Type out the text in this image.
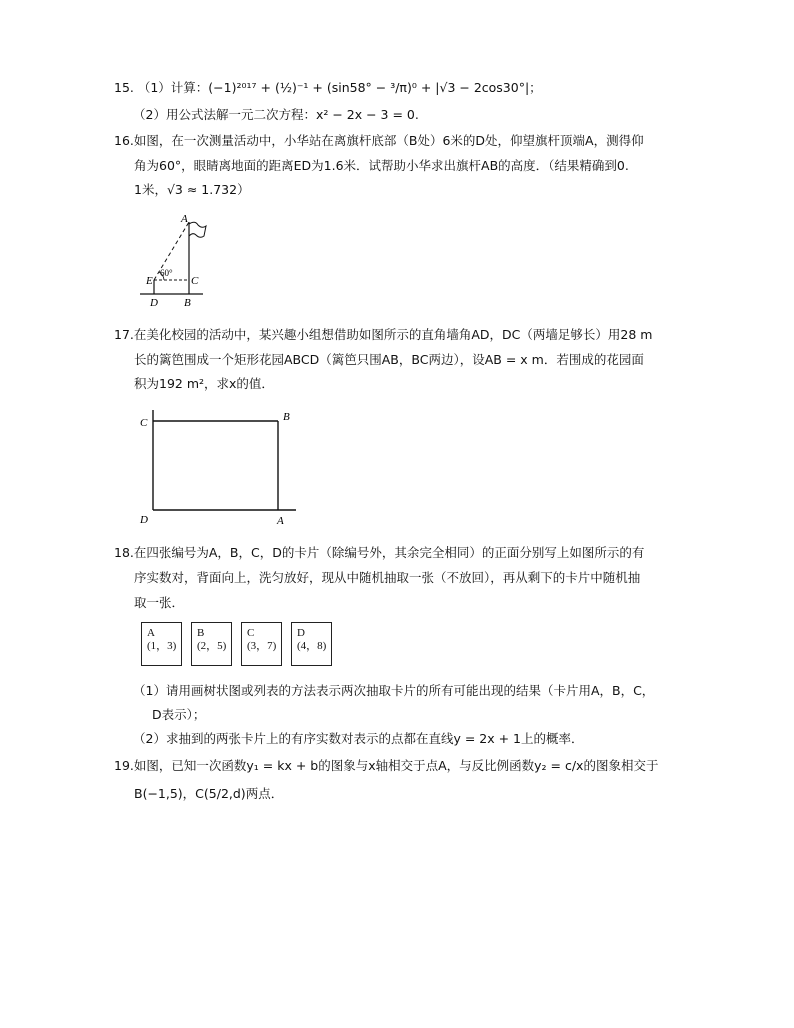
15. （1）计算：(−1)²⁰¹⁷ + (½)⁻¹ + (sin58° − ³/π)⁰ + |√3 − 2cos30°|；
（2）用公式法解一元二次方程：x² − 2x − 3 = 0.
16.如图，在一次测量活动中，小华站在离旗杆底部（B处）6米的D处，仰望旗杆顶端A，测得仰
角为60°，眼睛离地面的距离ED为1.6米．试帮助小华求出旗杆AB的高度．（结果精确到0.
1米，√3 ≈ 1.732）
A
E	C
D B
60°
17.在美化校园的活动中，某兴趣小组想借助如图所示的直角墙角AD，DC（两墙足够长）用28 m
长的篱笆围成一个矩形花园ABCD（篱笆只围AB，BC两边），设AB = x m．若围成的花园面
积为192 m²，求x的值．
C	B
D	A
18.在四张编号为A，B，C，D的卡片（除编号外，其余完全相同）的正面分别写上如图所示的有
序实数对，背面向上，洗匀放好，现从中随机抽取一张（不放回），再从剩下的卡片中随机抽
取一张．
A
(1，3)
B
(2，5)
C
(3，7)
D
(4，8)
（1）请用画树状图或列表的方法表示两次抽取卡片的所有可能出现的结果（卡片用A，B，C，
D表示）；
（2）求抽到的两张卡片上的有序实数对表示的点都在直线y = 2x + 1上的概率．
19.如图，已知一次函数y₁ = kx + b的图象与x轴相交于点A，与反比例函数y₂ = c/x的图象相交于
B(−1,5)，C(5/2,d)两点．
